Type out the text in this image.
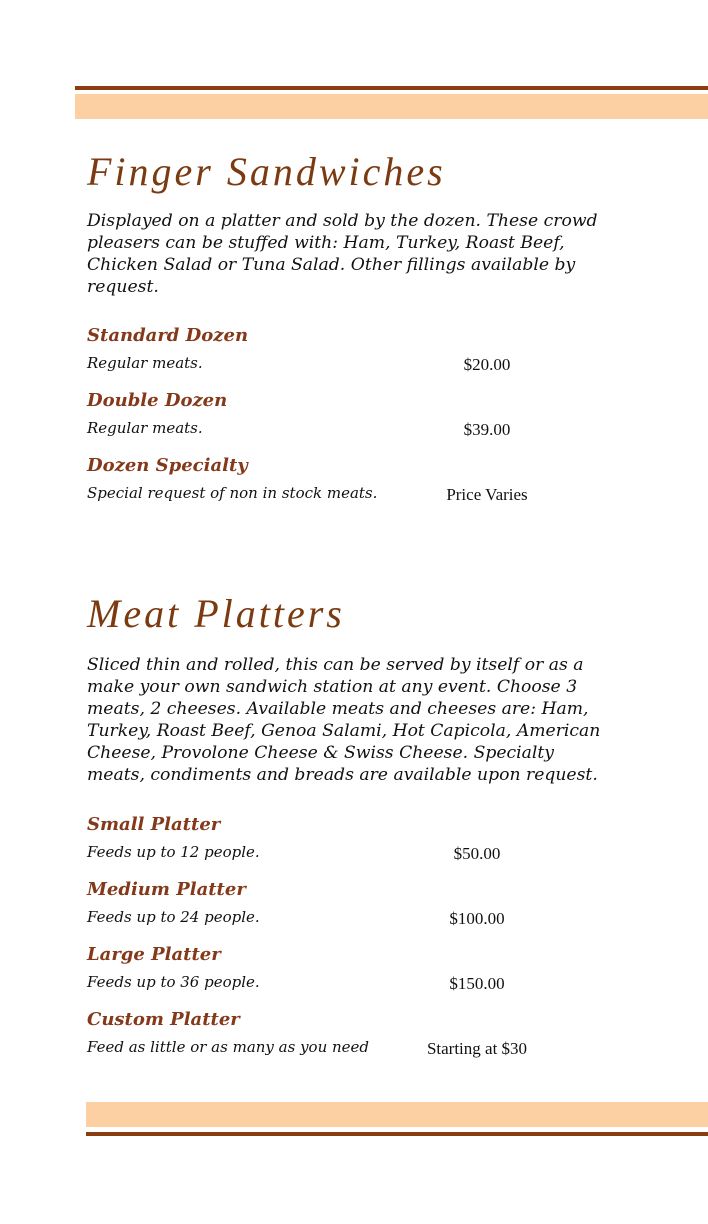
Finger Sandwiches

Displayed on a platter and sold by the dozen. These crowd pleasers can be stuffed with: Ham, Turkey, Roast Beef, Chicken Salad or Tuna Salad. Other fillings available by request.

Standard Dozen

Regular meats.	$20.00

Double Dozen

Regular meats.	$39.00

Dozen Specialty

Special request of non in stock meats.	Price Varies

Meat Platters

Sliced thin and rolled, this can be served by itself or as a make your own sandwich station at any event. Choose 3 meats, 2 cheeses. Available meats and cheeses are: Ham, Turkey, Roast Beef, Genoa Salami, Hot Capicola, American Cheese, Provolone Cheese & Swiss Cheese. Specialty meats, condiments and breads are available upon request.

Small Platter

Feeds up to 12 people.	$50.00

Medium Platter

Feeds up to 24 people.	$100.00

Large Platter

Feeds up to 36 people.	$150.00

Custom Platter

Feed as little or as many as you need	Starting at $30
